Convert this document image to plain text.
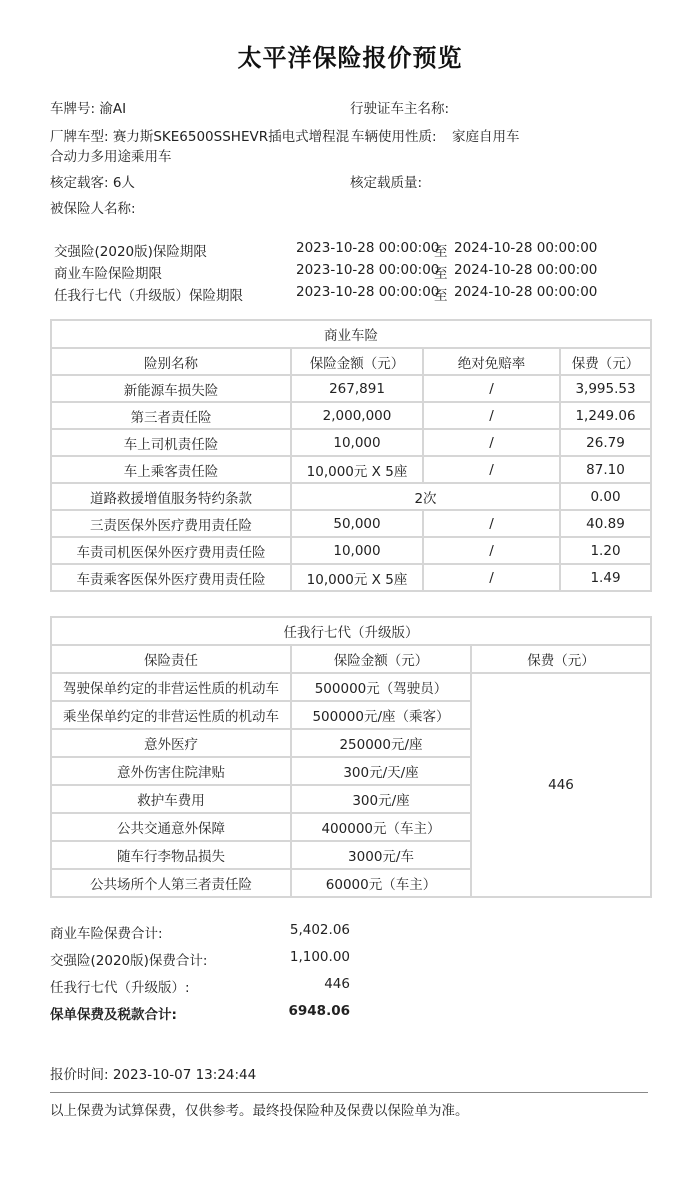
太平洋保险报价预览
车牌号: 渝AI	行驶证车主名称:
厂牌车型: 赛力斯SKE6500SSHEVR插电式增程混
合动力多用途乘用车
车辆使用性质: 家庭自用车
核定载客: 6人	核定载质量:
被保险人名称:
交强险(2020版)保险期限	2023-10-28 00:00:00
至 2024-10-28 00:00:00
商业车险保险期限	2023-10-28 00:00:00
至 2024-10-28 00:00:00
任我行七代（升级版）保险期限	2023-10-28 00:00:00
至 2024-10-28 00:00:00
商业车险			
险别名称	保险金额（元）	绝对免赔率	保费（元）
新能源车损失险	267,891	/	3,995.53
第三者责任险	2,000,000	/	1,249.06
车上司机责任险	10,000	/	26.79
车上乘客责任险	10,000元 X 5座	/	87.10
道路救援增值服务特约条款	2次		0.00
三责医保外医疗费用责任险	50,000	/	40.89
车责司机医保外医疗费用责任险	10,000	/	1.20
车责乘客医保外医疗费用责任险	10,000元 X 5座	/	1.49
任我行七代（升级版）		
保险责任	保险金额（元）	保费（元）
驾驶保单约定的非营运性质的机动车	500000元（驾驶员）	446
乘坐保单约定的非营运性质的机动车	500000元/座（乘客）	
意外医疗	250000元/座	
意外伤害住院津贴	300元/天/座	
救护车费用	300元/座	
公共交通意外保障	400000元（车主）	
随车行李物品损失	3000元/车	
公共场所个人第三者责任险	60000元（车主）	
商业车险保费合计:	5,402.06
交强险(2020版)保费合计:	1,100.00
任我行七代（升级版）:	446
保单保费及税款合计:	6948.06
报价时间: 2023-10-07 13:24:44
以上保费为试算保费，仅供参考。最终投保险种及保费以保险单为准。
